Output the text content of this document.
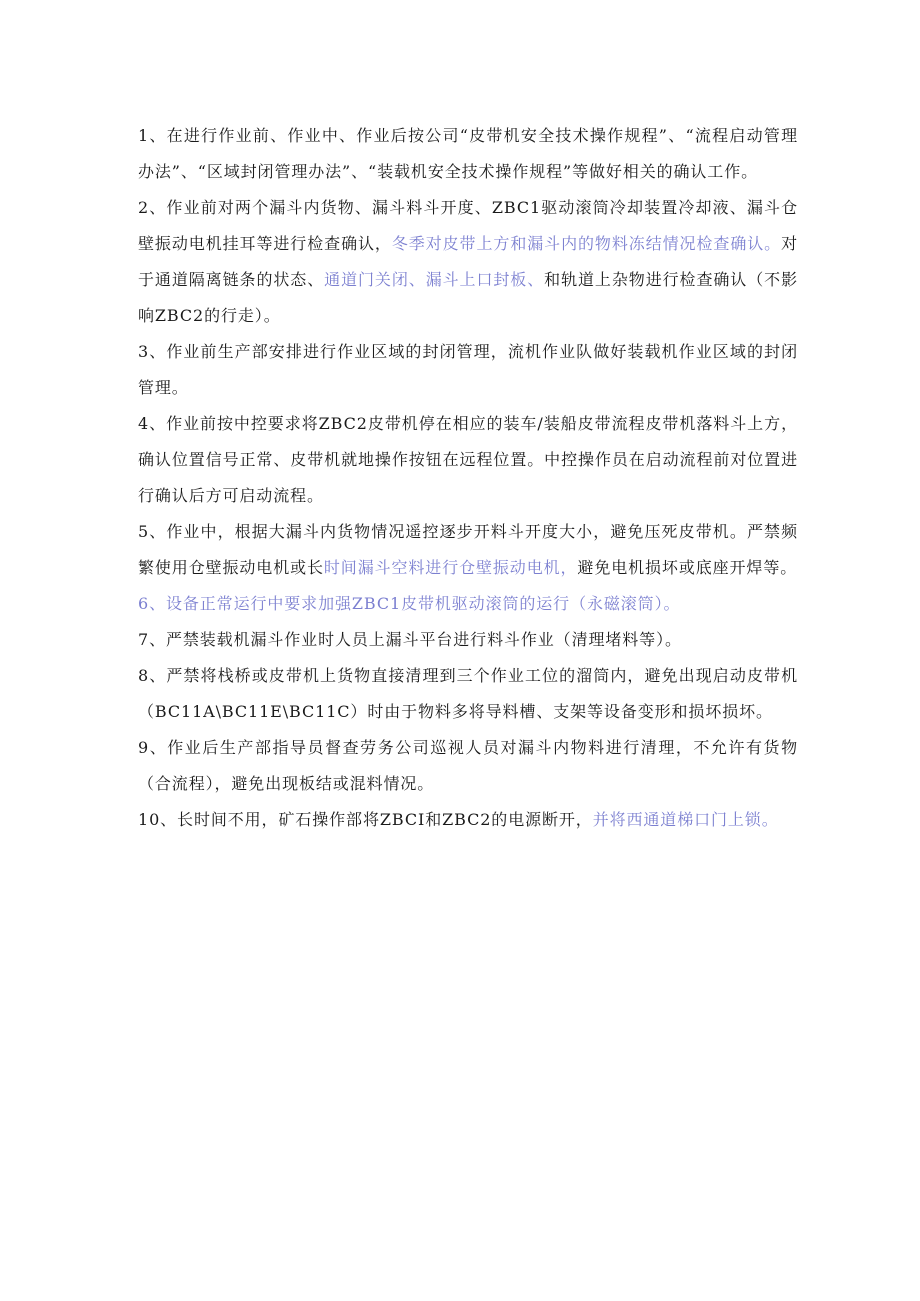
1、在进行作业前、作业中、作业后按公司“皮带机安全技术操作规程”、“流程启动管理办法”、“区域封闭管理办法”、“装载机安全技术操作规程”等做好相关的确认工作。

2、作业前对两个漏斗内货物、漏斗料斗开度、ZBC1驱动滚筒冷却装置冷却液、漏斗仓壁振动电机挂耳等进行检查确认，冬季对皮带上方和漏斗内的物料冻结情况检查确认。对于通道隔离链条的状态、通道门关闭、漏斗上口封板、和轨道上杂物进行检查确认（不影响ZBC2的行走）。

3、作业前生产部安排进行作业区域的封闭管理，流机作业队做好装载机作业区域的封闭管理。

4、作业前按中控要求将ZBC2皮带机停在相应的装车/装船皮带流程皮带机落料斗上方，确认位置信号正常、皮带机就地操作按钮在远程位置。中控操作员在启动流程前对位置进行确认后方可启动流程。

5、作业中，根据大漏斗内货物情况遥控逐步开料斗开度大小，避免压死皮带机。严禁频繁使用仓壁振动电机或长时间漏斗空料进行仓壁振动电机，避免电机损坏或底座开焊等。

6、设备正常运行中要求加强ZBC1皮带机驱动滚筒的运行（永磁滚筒）。

7、严禁装载机漏斗作业时人员上漏斗平台进行料斗作业（清理堵料等）。

8、严禁将栈桥或皮带机上货物直接清理到三个作业工位的溜筒内，避免出现启动皮带机（BC11A\BC11E\BC11C）时由于物料多将导料槽、支架等设备变形和损坏损坏。

9、作业后生产部指导员督查劳务公司巡视人员对漏斗内物料进行清理，不允许有货物（合流程），避免出现板结或混料情况。

10、长时间不用，矿石操作部将ZBCI和ZBC2的电源断开，并将西通道梯口门上锁。
